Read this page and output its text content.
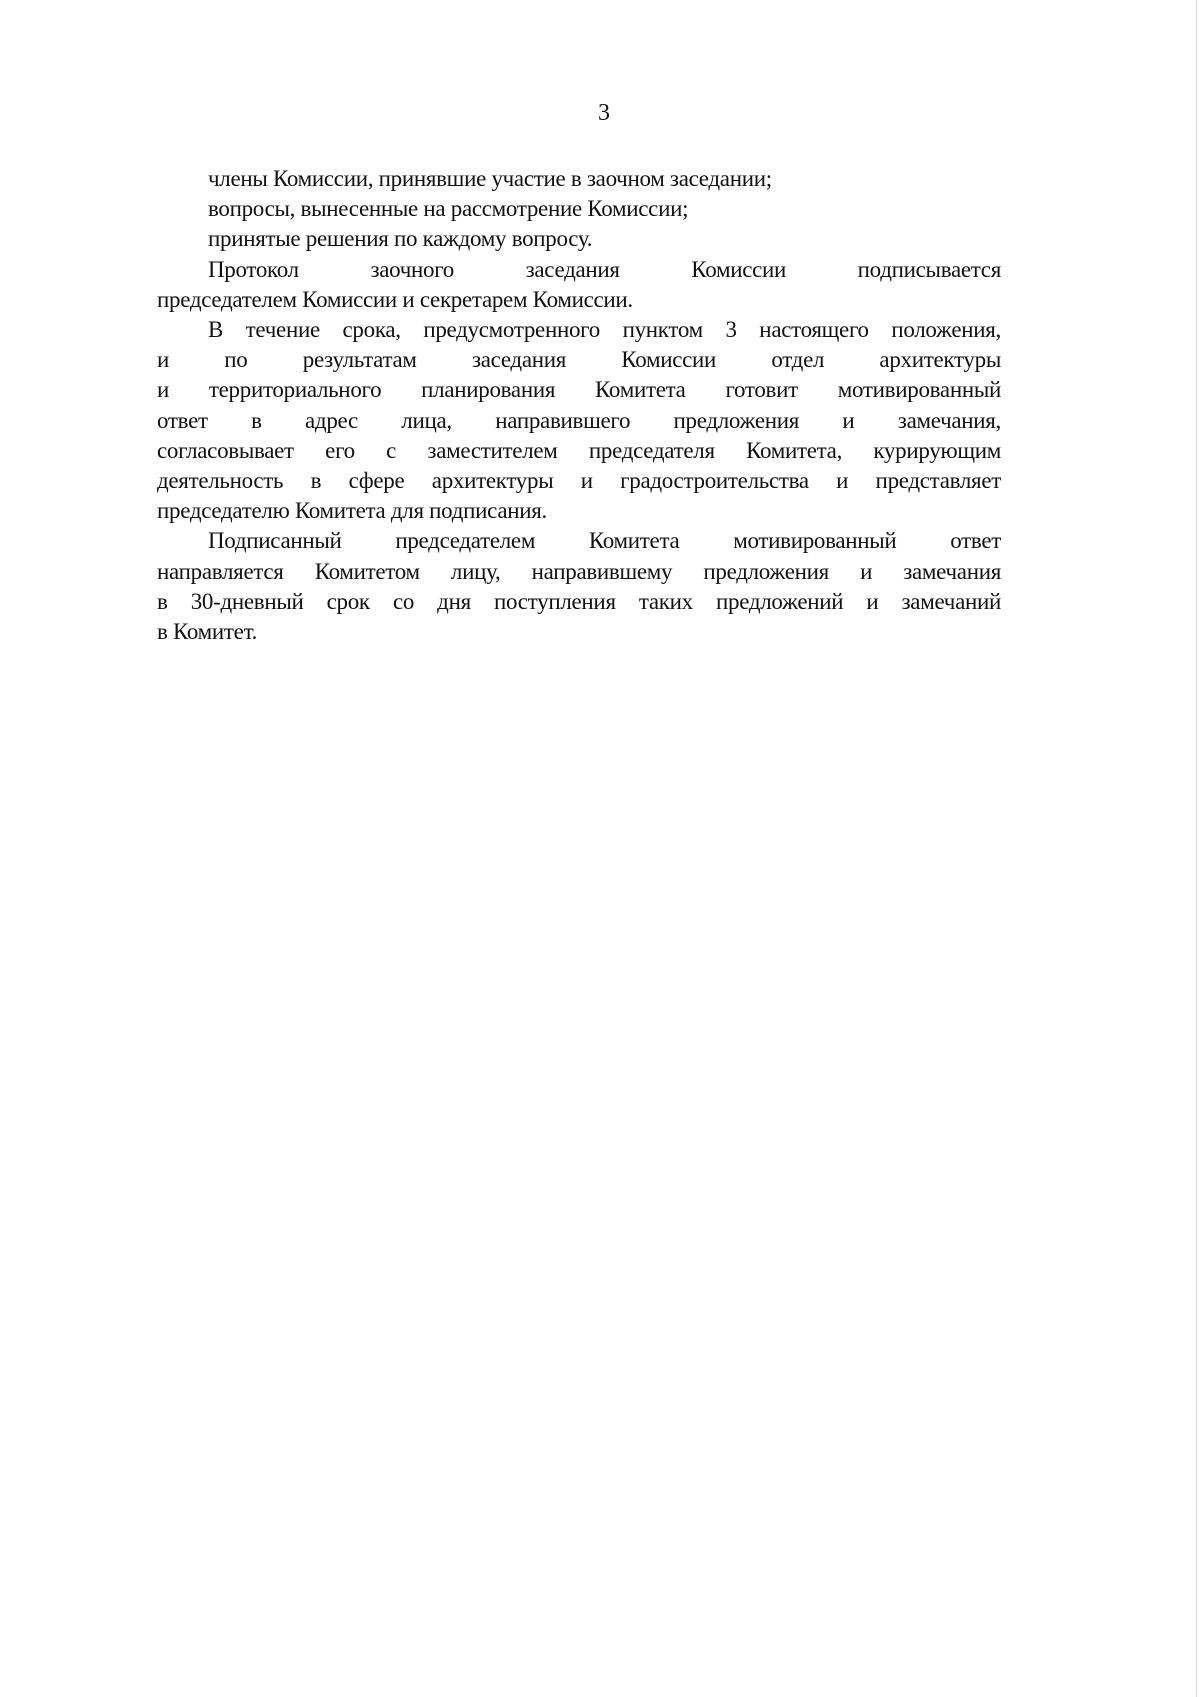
3
члены Комиссии, принявшие участие в заочном заседании;
вопросы, вынесенные на рассмотрение Комиссии;
принятые решения по каждому вопросу.
Протокол заочного заседания Комиссии подписывается
председателем Комиссии и секретарем Комиссии.
В течение срока, предусмотренного пунктом 3 настоящего положения,
и по результатам заседания Комиссии отдел архитектуры
и территориального планирования Комитета готовит мотивированный
ответ в адрес лица, направившего предложения и замечания,
согласовывает его с заместителем председателя Комитета, курирующим
деятельность в сфере архитектуры и градостроительства и представляет
председателю Комитета для подписания.
Подписанный председателем Комитета мотивированный ответ
направляется Комитетом лицу, направившему предложения и замечания
в 30-дневный срок со дня поступления таких предложений и замечаний
в Комитет.
